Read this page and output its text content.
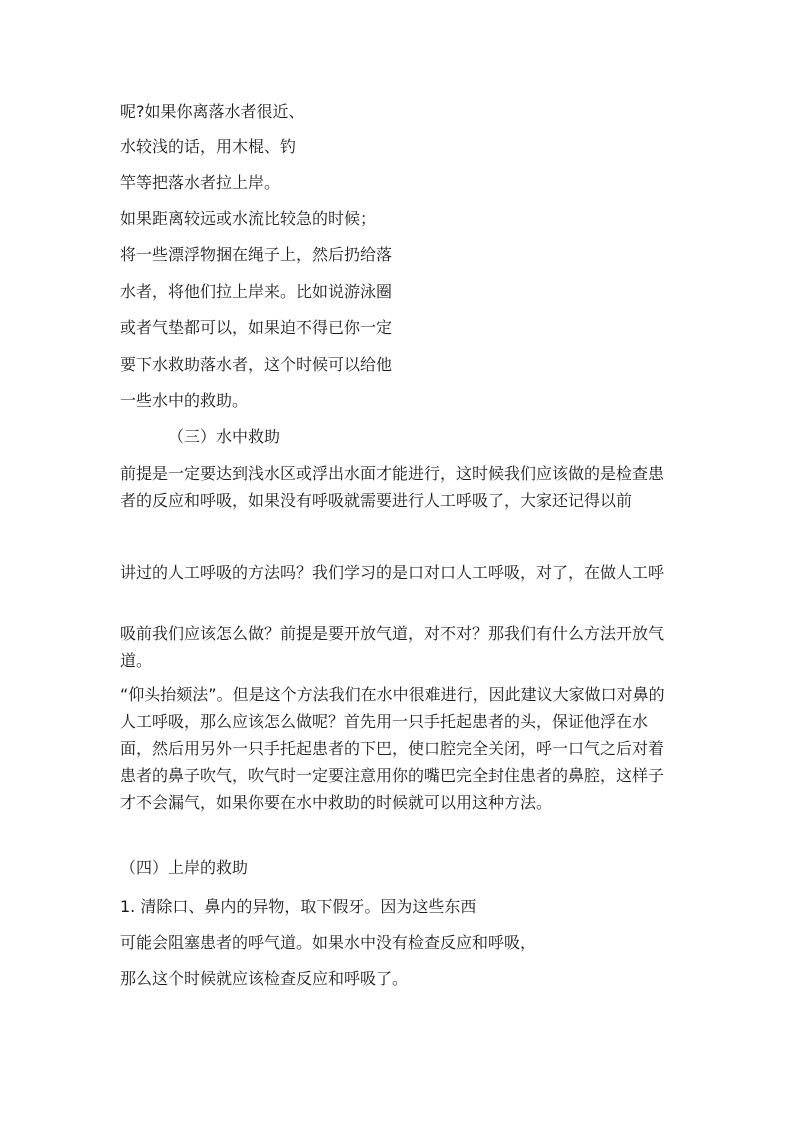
呢?如果你离落水者很近、
水较浅的话，用木棍、钓
竿等把落水者拉上岸。
如果距离较远或水流比较急的时候；
将一些漂浮物捆在绳子上，然后扔给落
水者，将他们拉上岸来。比如说游泳圈
或者气垫都可以，如果迫不得已你一定
要下水救助落水者，这个时候可以给他
一些水中的救助。
（三）水中救助
前提是一定要达到浅水区或浮出水面才能进行，这时候我们应该做的是检查患者的反应和呼吸，如果没有呼吸就需要进行人工呼吸了，大家还记得以前
讲过的人工呼吸的方法吗？我们学习的是口对口人工呼吸，对了，在做人工呼
吸前我们应该怎么做？前提是要开放气道，对不对？那我们有什么方法开放气道。
“仰头抬颏法”。但是这个方法我们在水中很难进行，因此建议大家做口对鼻的人工呼吸，那么应该怎么做呢？首先用一只手托起患者的头，保证他浮在水面，然后用另外一只手托起患者的下巴，使口腔完全关闭，呼一口气之后对着患者的鼻子吹气，吹气时一定要注意用你的嘴巴完全封住患者的鼻腔，这样子才不会漏气，如果你要在水中救助的时候就可以用这种方法。
（四）上岸的救助
1. 清除口、鼻内的异物，取下假牙。因为这些东西
可能会阻塞患者的呼气道。如果水中没有检查反应和呼吸，
那么这个时候就应该检查反应和呼吸了。
